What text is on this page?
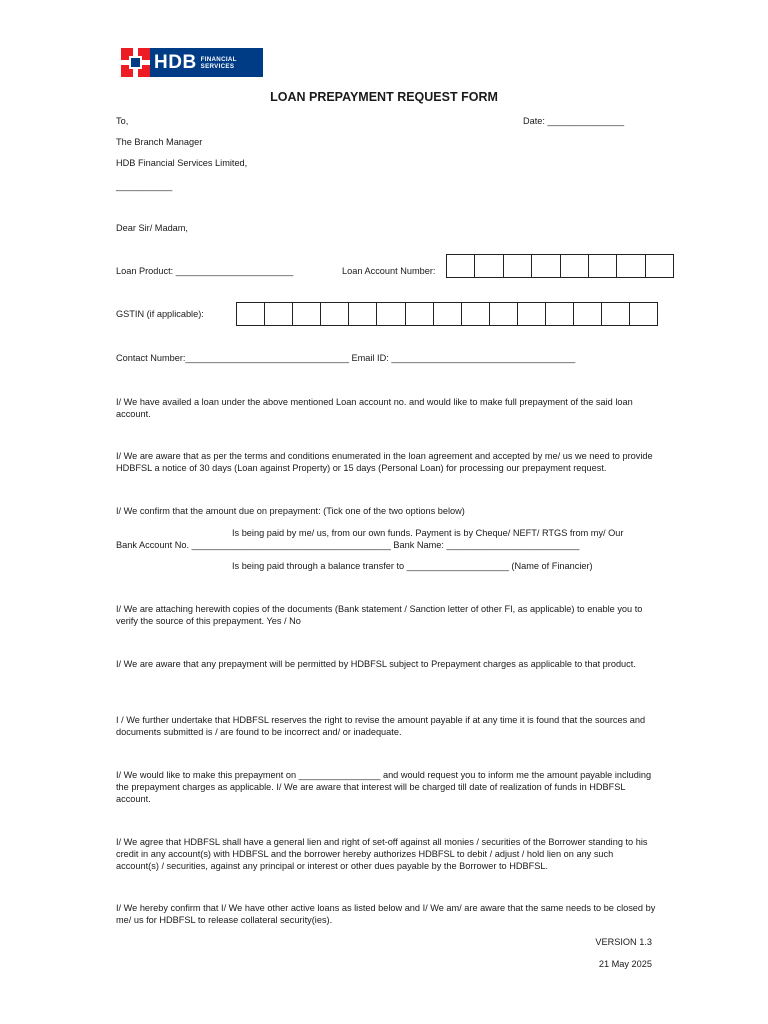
HDB FINANCIAL
SERVICES
LOAN PREPAYMENT REQUEST FORM
To,	Date: _______________
The Branch Manager
HDB Financial Services Limited,
___________
Dear Sir/ Madam,
Loan Product: _______________________	Loan Account Number:
GSTIN (if applicable):
Contact Number:________________________________ Email ID: ____________________________________
I/ We have availed a loan under the above mentioned Loan account no. and would like to make full prepayment of the said loan account.
I/ We are aware that as per the terms and conditions enumerated in the loan agreement and accepted by me/ us we need to provide HDBFSL a notice of 30 days (Loan against Property) or 15 days (Personal Loan) for processing our prepayment request.
I/ We confirm that the amount due on prepayment: (Tick one of the two options below)
Is being paid by me/ us, from our own funds. Payment is by Cheque/ NEFT/ RTGS from my/ Our
Bank Account No. _______________________________________ Bank Name: __________________________
Is being paid through a balance transfer to ____________________ (Name of Financier)
I/ We are attaching herewith copies of the documents (Bank statement / Sanction letter of other FI, as applicable) to enable you to verify the source of this prepayment. Yes / No
I/ We are aware that any prepayment will be permitted by HDBFSL subject to Prepayment charges as applicable to that product.
I / We further undertake that HDBFSL reserves the right to revise the amount payable if at any time it is found that the sources and documents submitted is / are found to be incorrect and/ or inadequate.
I/ We would like to make this prepayment on ________________ and would request you to inform me the amount payable including the prepayment charges as applicable. I/ We are aware that interest will be charged till date of realization of funds in HDBFSL account.
I/ We agree that HDBFSL shall have a general lien and right of set-off against all monies / securities of the Borrower standing to his credit in any account(s) with HDBFSL and the borrower hereby authorizes HDBFSL to debit / adjust / hold lien on any such account(s) / securities, against any principal or interest or other dues payable by the Borrower to HDBFSL.
I/ We hereby confirm that I/ We have other active loans as listed below and I/ We am/ are aware that the same needs to be closed by me/ us for HDBFSL to release collateral security(ies).
VERSION 1.3
21 May 2025
